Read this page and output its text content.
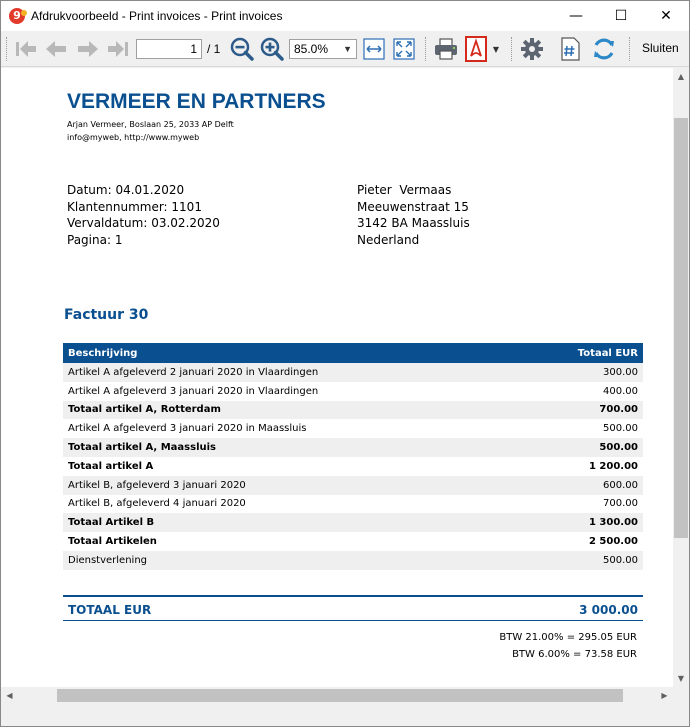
9 Afdrukvoorbeeld - Print invoices - Print invoices	—	☐	✕
1 / 1	85.0% ▼	▼	Sluiten
VERMEER EN PARTNERS
Arjan Vermeer, Boslaan 25, 2033 AP Delft
info@myweb, http://www.myweb
Datum: 04.01.2020
Klantennummer: 1101
Vervaldatum: 03.02.2020
Pagina: 1
Pieter  Vermaas
Meeuwenstraat 15
3142 BA Maassluis
Nederland
Factuur 30
Beschrijving	Totaal EUR
Artikel A afgeleverd 2 januari 2020 in Vlaardingen	300.00
Artikel A afgeleverd 3 januari 2020 in Vlaardingen	400.00
Totaal artikel A, Rotterdam	700.00
Artikel A afgeleverd 3 januari 2020 in Maassluis	500.00
Totaal artikel A, Maassluis	500.00
Totaal artikel A	1 200.00
Artikel B, afgeleverd 3 januari 2020	600.00
Artikel B, afgeleverd 4 januari 2020	700.00
Totaal Artikel B	1 300.00
Totaal Artikelen	2 500.00
Dienstverlening	500.00
TOTAAL EUR	3 000.00
BTW 21.00% = 295.05 EUR
BTW 6.00% = 73.58 EUR
▲
▼
◀	▶
